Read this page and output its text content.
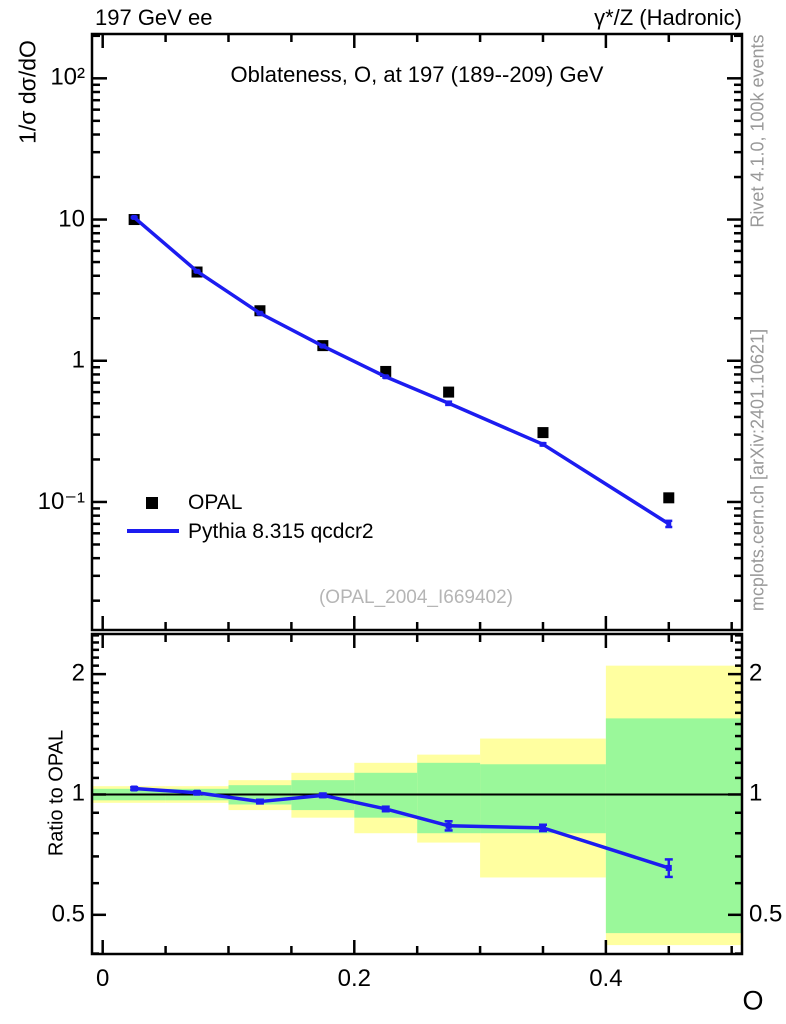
197 GeV ee	γ*/Z (Hadronic)
Oblateness, O, at 197 (189--209) GeV
1/σ dσ/dO
Ratio to OPAL
O
(OPAL_2004_I669402)
Rivet 4.1.0, 100k events
mcplots.cern.ch [arXiv:2401.10621]
OPAL
Pythia 8.315 qcdcr2
10²
10
1
10⁻¹
2	2
1	1
0.5	0.5
0	0.2	0.4
